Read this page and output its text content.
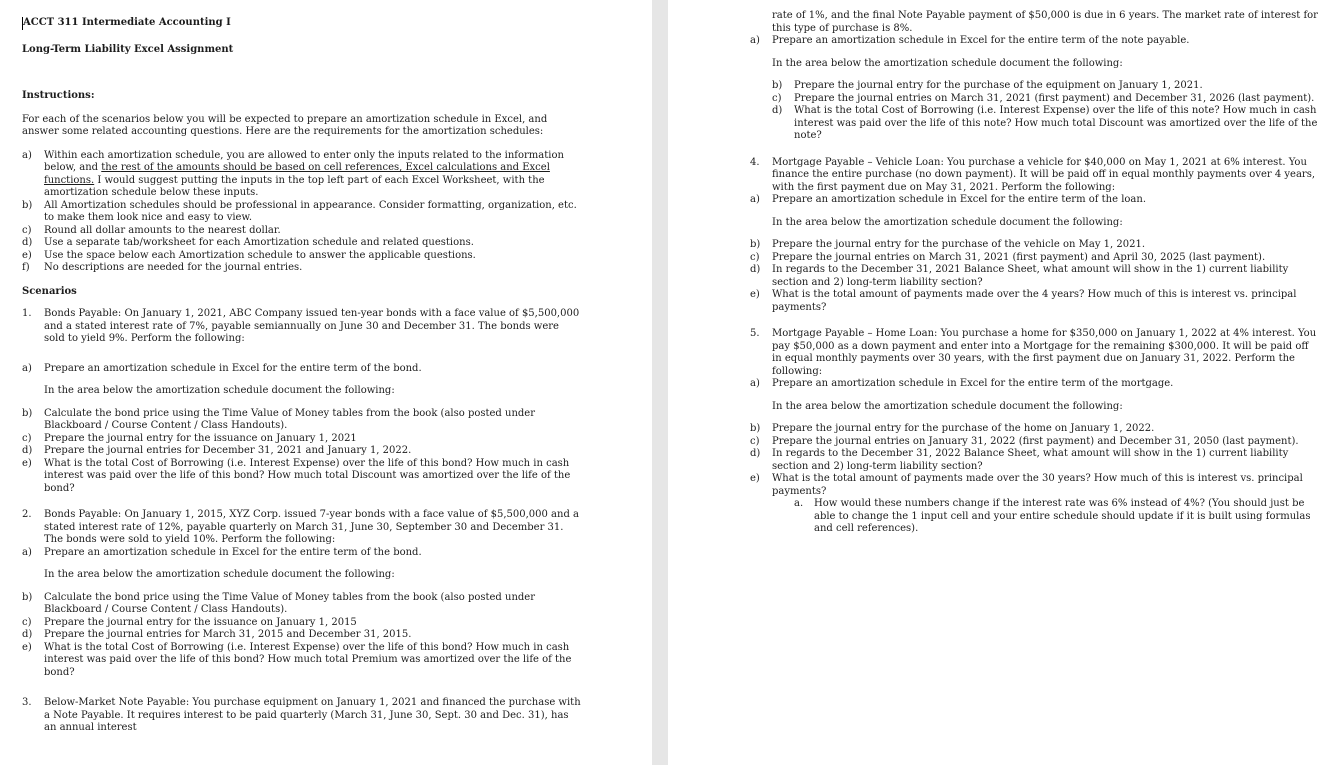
ACCT 311 Intermediate Accounting I

Long-Term Liability Excel Assignment

Instructions:

For each of the scenarios below you will be expected to prepare an amortization schedule in Excel, and answer some related accounting questions. Here are the requirements for the amortization schedules:

a) Within each amortization schedule, you are allowed to enter only the inputs related to the information below, and the rest of the amounts should be based on cell references, Excel calculations and Excel functions. I would suggest putting the inputs in the top left part of each Excel Worksheet, with the amortization schedule below these inputs.
b) All Amortization schedules should be professional in appearance. Consider formatting, organization, etc. to make them look nice and easy to view.
c) Round all dollar amounts to the nearest dollar.
d) Use a separate tab/worksheet for each Amortization schedule and related questions.
e) Use the space below each Amortization schedule to answer the applicable questions.
f) No descriptions are needed for the journal entries.

Scenarios

1. Bonds Payable: On January 1, 2021, ABC Company issued ten-year bonds with a face value of $5,500,000 and a stated interest rate of 7%, payable semiannually on June 30 and December 31. The bonds were sold to yield 9%. Perform the following:
a) Prepare an amortization schedule in Excel for the entire term of the bond.

In the area below the amortization schedule document the following:

b) Calculate the bond price using the Time Value of Money tables from the book (also posted under Blackboard / Course Content / Class Handouts).
c) Prepare the journal entry for the issuance on January 1, 2021
d) Prepare the journal entries for December 31, 2021 and January 1, 2022.
e) What is the total Cost of Borrowing (i.e. Interest Expense) over the life of this bond? How much in cash interest was paid over the life of this bond? How much total Discount was amortized over the life of the bond?
2. Bonds Payable: On January 1, 2015, XYZ Corp. issued 7-year bonds with a face value of $5,500,000 and a stated interest rate of 12%, payable quarterly on March 31, June 30, September 30 and December 31. The bonds were sold to yield 10%. Perform the following:
a) Prepare an amortization schedule in Excel for the entire term of the bond.

In the area below the amortization schedule document the following:

b) Calculate the bond price using the Time Value of Money tables from the book (also posted under Blackboard / Course Content / Class Handouts).
c) Prepare the journal entry for the issuance on January 1, 2015
d) Prepare the journal entries for March 31, 2015 and December 31, 2015.
e) What is the total Cost of Borrowing (i.e. Interest Expense) over the life of this bond? How much in cash interest was paid over the life of this bond? How much total Premium was amortized over the life of the bond?
3. Below-Market Note Payable: You purchase equipment on January 1, 2021 and financed the purchase with a Note Payable. It requires interest to be paid quarterly (March 31, June 30, Sept. 30 and Dec. 31), has an annual interest

rate of 1%, and the final Note Payable payment of $50,000 is due in 6 years. The market rate of interest for this type of purchase is 8%.

a) Prepare an amortization schedule in Excel for the entire term of the note payable.

In the area below the amortization schedule document the following:

b) Prepare the journal entry for the purchase of the equipment on January 1, 2021.
c) Prepare the journal entries on March 31, 2021 (first payment) and December 31, 2026 (last payment).
d) What is the total Cost of Borrowing (i.e. Interest Expense) over the life of this note? How much in cash interest was paid over the life of this note? How much total Discount was amortized over the life of the note?
4. Mortgage Payable – Vehicle Loan: You purchase a vehicle for $40,000 on May 1, 2021 at 6% interest. You finance the entire purchase (no down payment). It will be paid off in equal monthly payments over 4 years, with the first payment due on May 31, 2021. Perform the following:
a) Prepare an amortization schedule in Excel for the entire term of the loan.

In the area below the amortization schedule document the following:

b) Prepare the journal entry for the purchase of the vehicle on May 1, 2021.
c) Prepare the journal entries on March 31, 2021 (first payment) and April 30, 2025 (last payment).
d) In regards to the December 31, 2021 Balance Sheet, what amount will show in the 1) current liability section and 2) long-term liability section?
e) What is the total amount of payments made over the 4 years? How much of this is interest vs. principal payments?
5. Mortgage Payable – Home Loan: You purchase a home for $350,000 on January 1, 2022 at 4% interest. You pay $50,000 as a down payment and enter into a Mortgage for the remaining $300,000. It will be paid off in equal monthly payments over 30 years, with the first payment due on January 31, 2022. Perform the following:
a) Prepare an amortization schedule in Excel for the entire term of the mortgage.

In the area below the amortization schedule document the following:

b) Prepare the journal entry for the purchase of the home on January 1, 2022.
c) Prepare the journal entries on January 31, 2022 (first payment) and December 31, 2050 (last payment).
d) In regards to the December 31, 2022 Balance Sheet, what amount will show in the 1) current liability section and 2) long-term liability section?
e) What is the total amount of payments made over the 30 years? How much of this is interest vs. principal payments?
a. How would these numbers change if the interest rate was 6% instead of 4%? (You should just be able to change the 1 input cell and your entire schedule should update if it is built using formulas and cell references).
